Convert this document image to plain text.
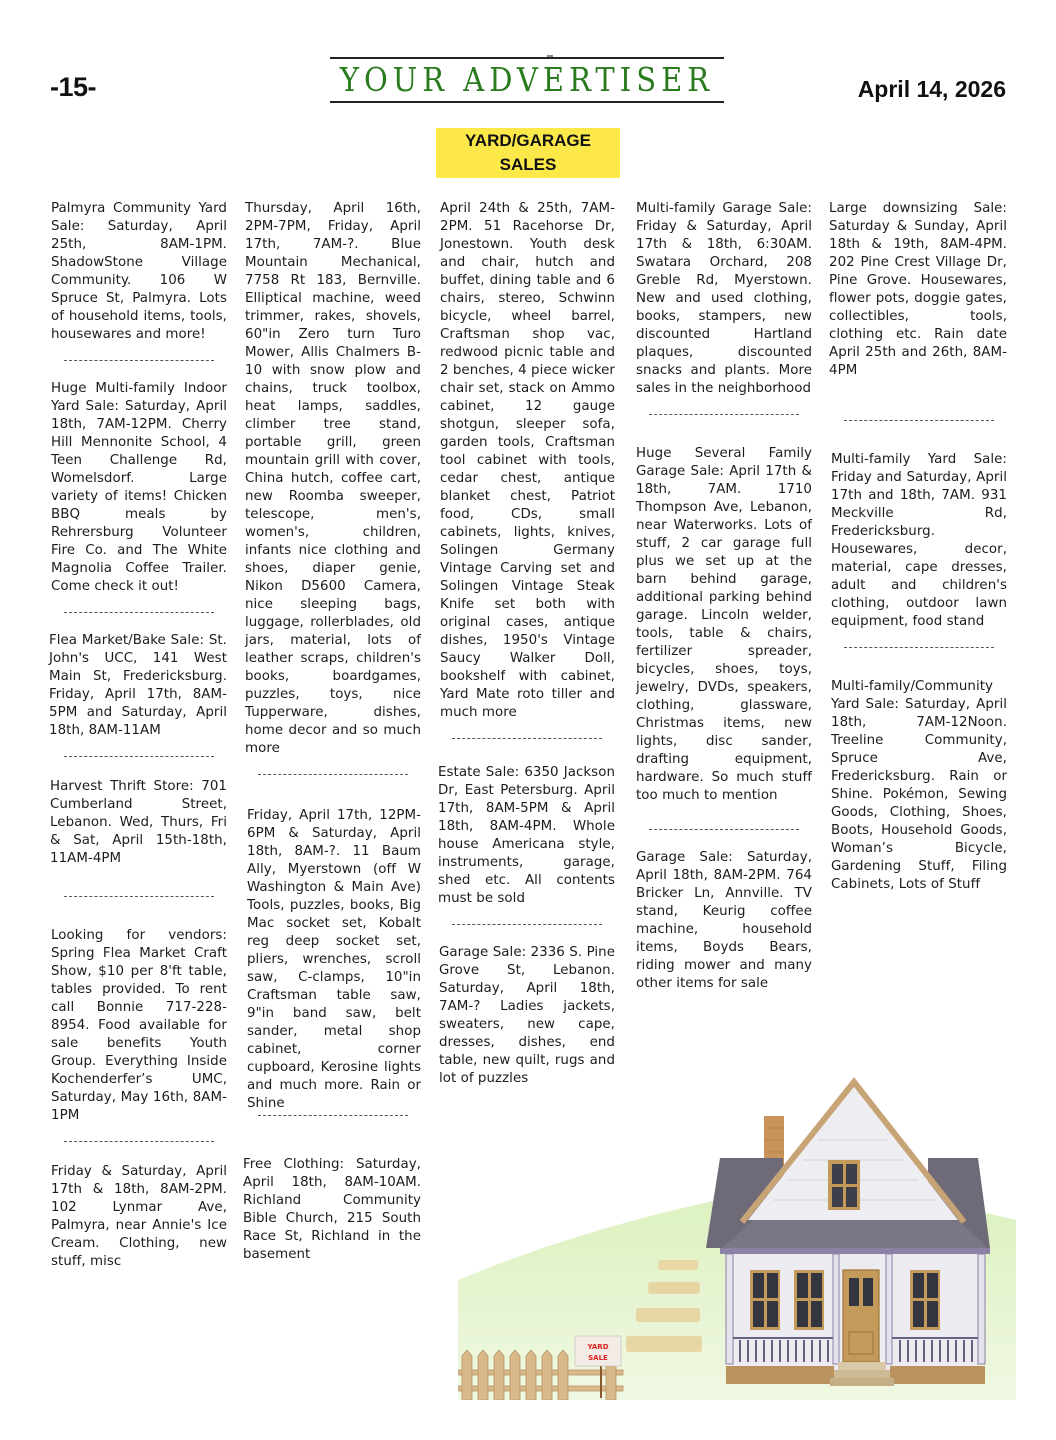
-15-	YOUR ADVERTISER	April 14, 2026
YARD/GARAGE
SALES

Palmyra Community Yard Sale: Saturday, April 25th, 8AM-1PM. ShadowStone Village Community. 106 W Spruce St, Palmyra. Lots of household items, tools, housewares and more!

Huge Multi-family Indoor Yard Sale: Saturday, April 18th, 7AM-12PM. Cherry Hill Mennonite School, 4 Teen Challenge Rd, Womelsdorf. Large variety of items! Chicken BBQ meals by Rehrersburg Volunteer Fire Co. and The White Magnolia Coffee Trailer. Come check it out!

Flea Market/Bake Sale: St. John's UCC, 141 West Main St, Fredericksburg. Friday, April 17th, 8AM-5PM and Saturday, April 18th, 8AM-11AM

Harvest Thrift Store: 701 Cumberland Street, Lebanon. Wed, Thurs, Fri & Sat, April 15th-18th, 11AM-4PM

Looking for vendors: Spring Flea Market Craft Show, $10 per 8'ft table, tables provided. To rent call Bonnie 717-228-8954. Food available for sale benefits Youth Group. Everything Inside Kochenderfer’s UMC, Saturday, May 16th, 8AM-1PM

Friday & Saturday, April 17th & 18th, 8AM-2PM. 102 Lynmar Ave, Palmyra, near Annie's Ice Cream. Clothing, new stuff, misc

Thursday, April 16th, 2PM-7PM, Friday, April 17th, 7AM-?. Blue Mountain Mechanical, 7758 Rt 183, Bernville. Elliptical machine, weed trimmer, rakes, shovels, 60"in Zero turn Turo Mower, Allis Chalmers B-10 with snow plow and chains, truck toolbox, heat lamps, saddles, climber tree stand, portable grill, green mountain grill with cover, China hutch, coffee cart, new Roomba sweeper, telescope, men's, women's, children, infants nice clothing and shoes, diaper genie, Nikon D5600 Camera, nice sleeping bags, luggage, rollerblades, old jars, material, lots of leather scraps, children's books, boardgames, puzzles, toys, nice Tupperware, dishes, home decor and so much more

Friday, April 17th, 12PM-6PM & Saturday, April 18th, 8AM-?. 11 Baum Ally, Myerstown (off W Washington & Main Ave) Tools, puzzles, books, Big Mac socket set, Kobalt reg deep socket set, pliers, wrenches, scroll saw, C-clamps, 10"in Craftsman table saw, 9"in band saw, belt sander, metal shop cabinet, corner cupboard, Kerosine lights and much more. Rain or Shine

Free Clothing: Saturday, April 18th, 8AM-10AM. Richland Community Bible Church, 215 South Race St, Richland in the basement

April 24th & 25th, 7AM-2PM. 51 Racehorse Dr, Jonestown. Youth desk and chair, hutch and buffet, dining table and 6 chairs, stereo, Schwinn bicycle, wheel barrel, Craftsman shop vac, redwood picnic table and 2 benches, 4 piece wicker chair set, stack on Ammo cabinet, 12 gauge shotgun, sleeper sofa, garden tools, Craftsman tool cabinet with tools, cedar chest, antique blanket chest, Patriot food, CDs, small cabinets, lights, knives, Solingen Germany Vintage Carving set and Solingen Vintage Steak Knife set both with original cases, antique dishes, 1950's Vintage Saucy Walker Doll, bookshelf with cabinet, Yard Mate roto tiller and much more

Estate Sale: 6350 Jackson Dr, East Petersburg. April 17th, 8AM-5PM & April 18th, 8AM-4PM. Whole house Americana style, instruments, garage, shed etc. All contents must be sold

Garage Sale: 2336 S. Pine Grove St, Lebanon. Saturday, April 18th, 7AM-? Ladies jackets, sweaters, new cape, dresses, dishes, end table, new quilt, rugs and lot of puzzles

Multi-family Garage Sale: Friday & Saturday, April 17th & 18th, 6:30AM. Swatara Orchard, 208 Greble Rd, Myerstown. New and used clothing, books, stampers, new discounted Hartland plaques, discounted snacks and plants. More sales in the neighborhood

Huge Several Family Garage Sale: April 17th & 18th, 7AM. 1710 Thompson Ave, Lebanon, near Waterworks. Lots of stuff, 2 car garage full plus we set up at the barn behind garage, additional parking behind garage. Lincoln welder, tools, table & chairs, fertilizer spreader, bicycles, shoes, toys, jewelry, DVDs, speakers, clothing, glassware, Christmas items, new lights, disc sander, drafting equipment, hardware. So much stuff too much to mention

Garage Sale: Saturday, April 18th, 8AM-2PM. 764 Bricker Ln, Annville. TV stand, Keurig coffee machine, household items, Boyds Bears, riding mower and many other items for sale

Large downsizing Sale: Saturday & Sunday, April 18th & 19th, 8AM-4PM. 202 Pine Crest Village Dr, Pine Grove. Housewares, flower pots, doggie gates, collectibles, tools, clothing etc. Rain date April 25th and 26th, 8AM-4PM

Multi-family Yard Sale: Friday and Saturday, April 17th and 18th, 7AM. 931 Meckville Rd, Fredericksburg. Housewares, decor, material, cape dresses, adult and children's clothing, outdoor lawn equipment, food stand

Multi-family/Community Yard Sale: Saturday, April 18th, 7AM-12Noon. Treeline Community, Spruce Ave, Fredericksburg. Rain or Shine. Pokémon, Sewing Goods, Clothing, Shoes, Boots, Household Goods, Woman’s Bicycle, Gardening Stuff, Filing Cabinets, Lots of Stuff

YARD
SALE
